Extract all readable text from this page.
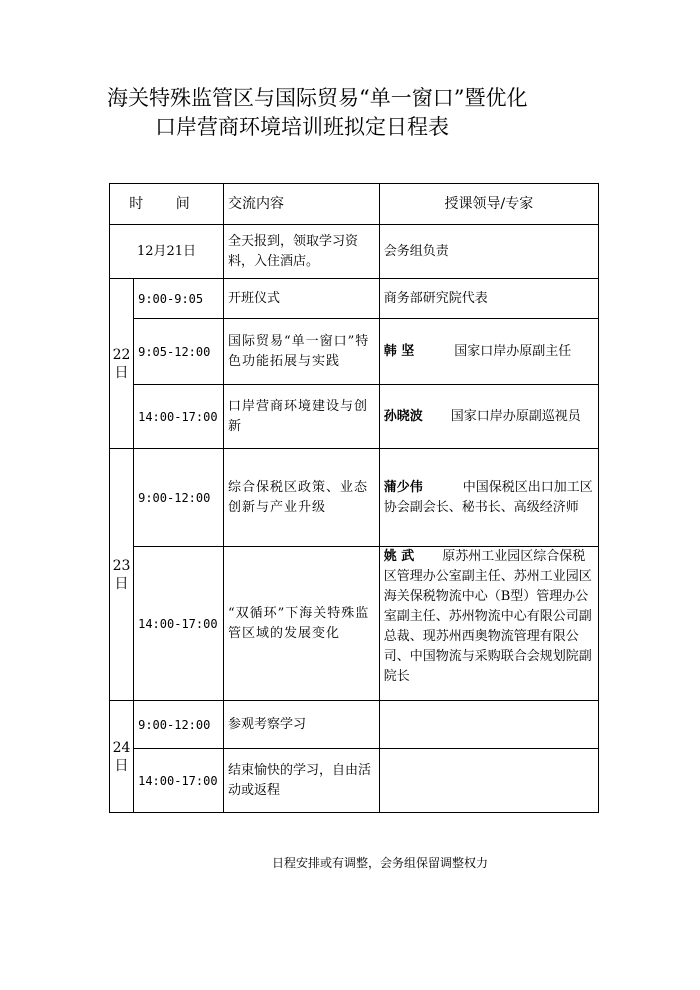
海关特殊监管区与国际贸易“单一窗口”暨优化
口岸营商环境培训班拟定日程表
时 间		交流内容	授课领导/专家
12月21日		全天报到，领取学习资料，入住酒店。	会务组负责
22
日	9:00-9:05	开班仪式	商务部研究院代表
	9:05-12:00	国际贸易“单一窗口”特色功能拓展与实践	韩 坚 国家口岸办原副主任
	14:00-17:00	口岸营商环境建设与创新	孙晓波 国家口岸办原副巡视员
23
日	9:00-12:00	综合保税区政策、业态创新与产业升级	蒲少伟 中国保税区出口加工区协会副会长、秘书长、高级经济师
	14:00-17:00	“双循环”下海关特殊监管区域的发展变化	姚 武 原苏州工业园区综合保税区管理办公室副主任、苏州工业园区海关保税物流中心（B型）管理办公室副主任、苏州物流中心有限公司副总裁、现苏州西奥物流管理有限公司、中国物流与采购联合会规划院副院长
24
日	9:00-12:00	参观考察学习	
	14:00-17:00	结束愉快的学习，自由活动或返程	
日程安排或有调整，会务组保留调整权力
